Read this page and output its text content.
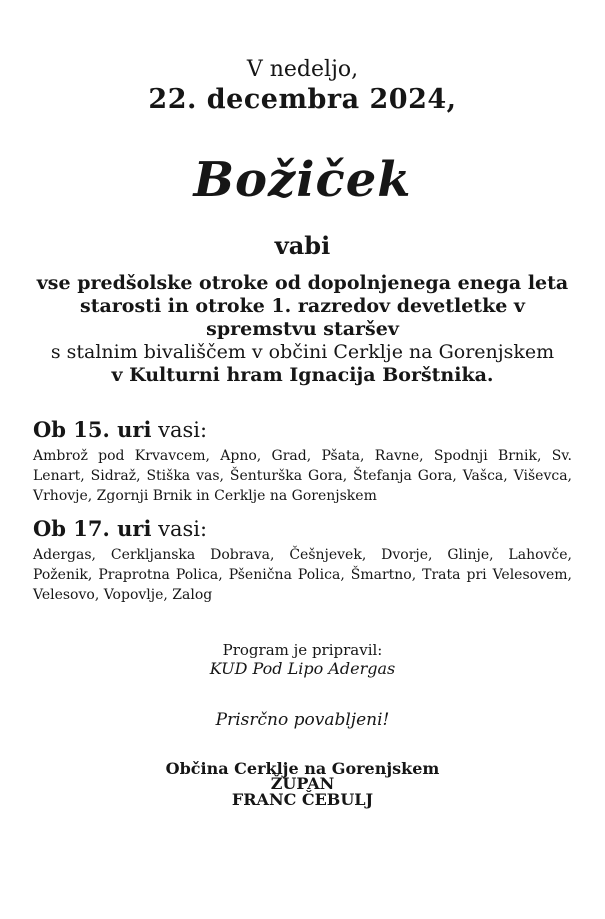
V nedeljo,
22. decembra 2024,
Božiček
vabi
vse predšolske otroke od dopolnjenega enega leta starosti in otroke 1. razredov devetletke v spremstvu staršev
s stalnim bivališčem v občini Cerklje na Gorenjskem
v Kulturni hram Ignacija Borštnika.
Ob 15. uri vasi:
Ambrož pod Krvavcem, Apno, Grad, Pšata, Ravne, Spodnji Brnik, Sv. Lenart, Sidraž, Stiška vas, Šenturška Gora, Štefanja Gora, Vašca, Viševca, Vrhovje, Zgornji Brnik in Cerklje na Gorenjskem
Ob 17. uri vasi:
Adergas, Cerkljanska Dobrava, Češnjevek, Dvorje, Glinje, Lahovče, Poženik, Praprotna Polica, Pšenična Polica, Šmartno, Trata pri Velesovem, Velesovo, Vopovlje, Zalog
Program je pripravil:
KUD Pod Lipo Adergas
Prisrčno povabljeni!
Občina Cerklje na Gorenjskem
ŽUPAN
FRANC ČEBULJ
